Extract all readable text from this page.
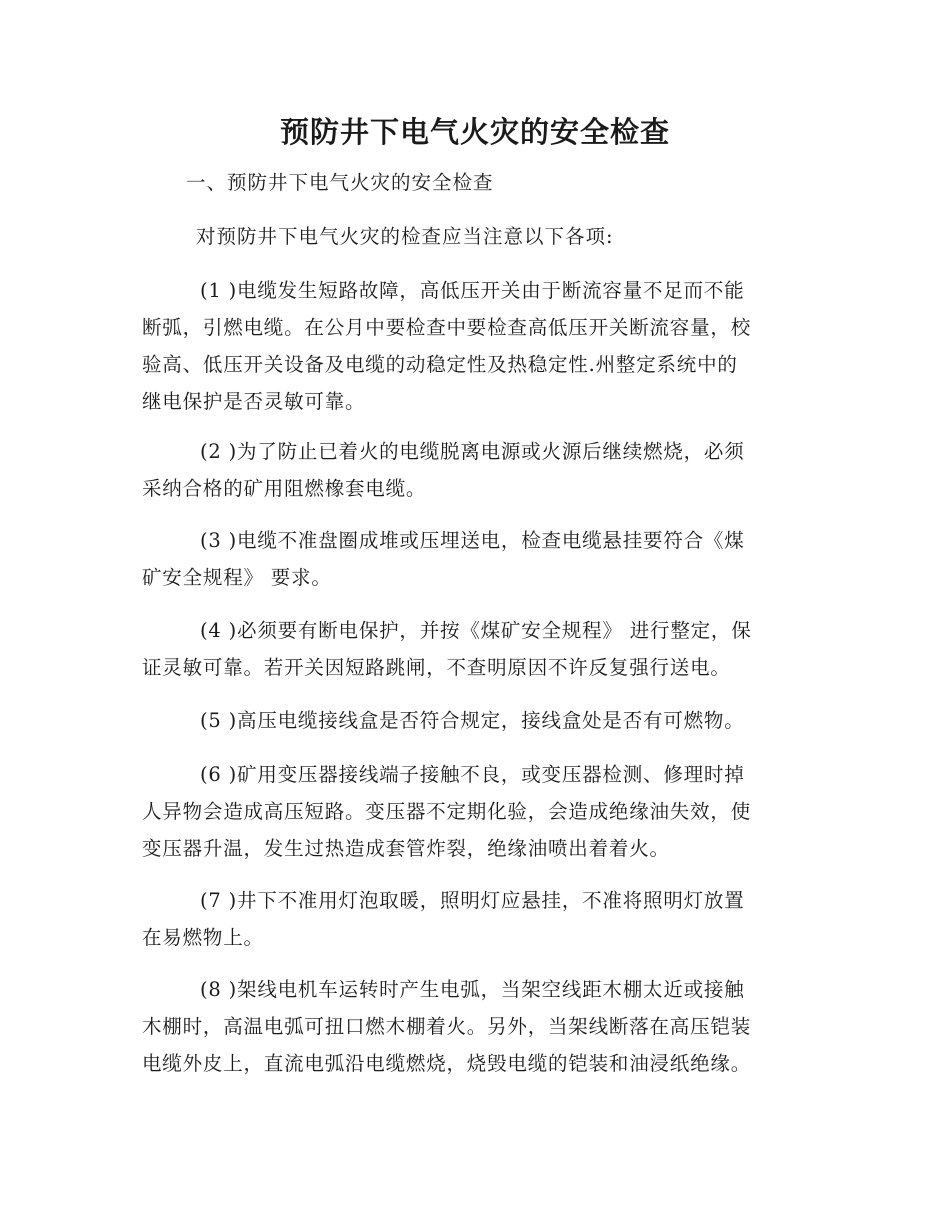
预防井下电气火灾的安全检查

一、预防井下电气火灾的安全检查

对预防井下电气火灾的检查应当注意以下各项:

(1 )电缆发生短路故障，高低压开关由于断流容量不足而不能
断弧，引燃电缆。在公月中要检查中要检查高低压开关断流容量，校
验高、低压开关设备及电缆的动稳定性及热稳定性.州整定系统中的
继电保护是否灵敏可靠。

(2 )为了防止已着火的电缆脱离电源或火源后继续燃烧，必须
采纳合格的矿用阻燃橡套电缆。

(3 )电缆不准盘圈成堆或压埋送电，检查电缆悬挂要符合《煤
矿安全规程》 要求。

(4 )必须要有断电保护，并按《煤矿安全规程》 进行整定，保
证灵敏可靠。若开关因短路跳闸，不查明原因不许反复强行送电。

(5 )高压电缆接线盒是否符合规定，接线盒处是否有可燃物。

(6 )矿用变压器接线端子接触不良，或变压器检测、修理时掉
人异物会造成高压短路。变压器不定期化验，会造成绝缘油失效，使
变压器升温，发生过热造成套管炸裂，绝缘油喷出着着火。

(7 )井下不准用灯泡取暖，照明灯应悬挂，不准将照明灯放置
在易燃物上。

(8 )架线电机车运转时产生电弧，当架空线距木棚太近或接触
木棚时，高温电弧可扭口燃木棚着火。另外，当架线断落在高压铠装
电缆外皮上，直流电弧沿电缆燃烧，烧毁电缆的铠装和油浸纸绝缘。
